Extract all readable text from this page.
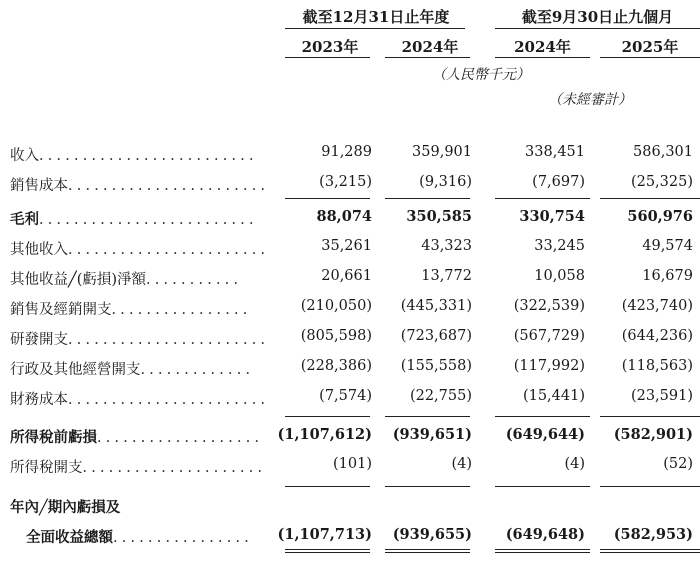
截至12月31日止年度	截至9月30日止九個月
2023年	2024年	2024年	2025年
（人民幣千元）
（未經審計）
收入．．．．．．．．．．．．．．．．．．．．．．．．．	91,289	359,901	338,451	586,301
銷售成本．．．．．．．．．．．．．．．．．．．．．．．	(3,215)	(9,316)	(7,697)	(25,325)
毛利．．．．．．．．．．．．．．．．．．．．．．．．．	88,074	350,585	330,754	560,976
其他收入．．．．．．．．．．．．．．．．．．．．．．．	35,261	43,323	33,245	49,574
其他收益╱(虧損)淨額．．．．．．．．．．．	20,661	13,772	10,058	16,679
銷售及經銷開支．．．．．．．．．．．．．．．．	(210,050)	(445,331)	(322,539)	(423,740)
研發開支．．．．．．．．．．．．．．．．．．．．．．．	(805,598)	(723,687)	(567,729)	(644,236)
行政及其他經營開支．．．．．．．．．．．．．	(228,386)	(155,558)	(117,992)	(118,563)
財務成本．．．．．．．．．．．．．．．．．．．．．．．	(7,574)	(22,755)	(15,441)	(23,591)
所得稅前虧損．．．．．．．．．．．．．．．．．．． (1,107,612)	(939,651)	(649,644)	(582,901)
所得稅開支．．．．．．．．．．．．．．．．．．．．．	(101)	(4)	(4)	(52)
年內╱期內虧損及
全面收益總額．．．．．．．．．．．．．．．．	(1,107,713)	(939,655)	(649,648)	(582,953)
